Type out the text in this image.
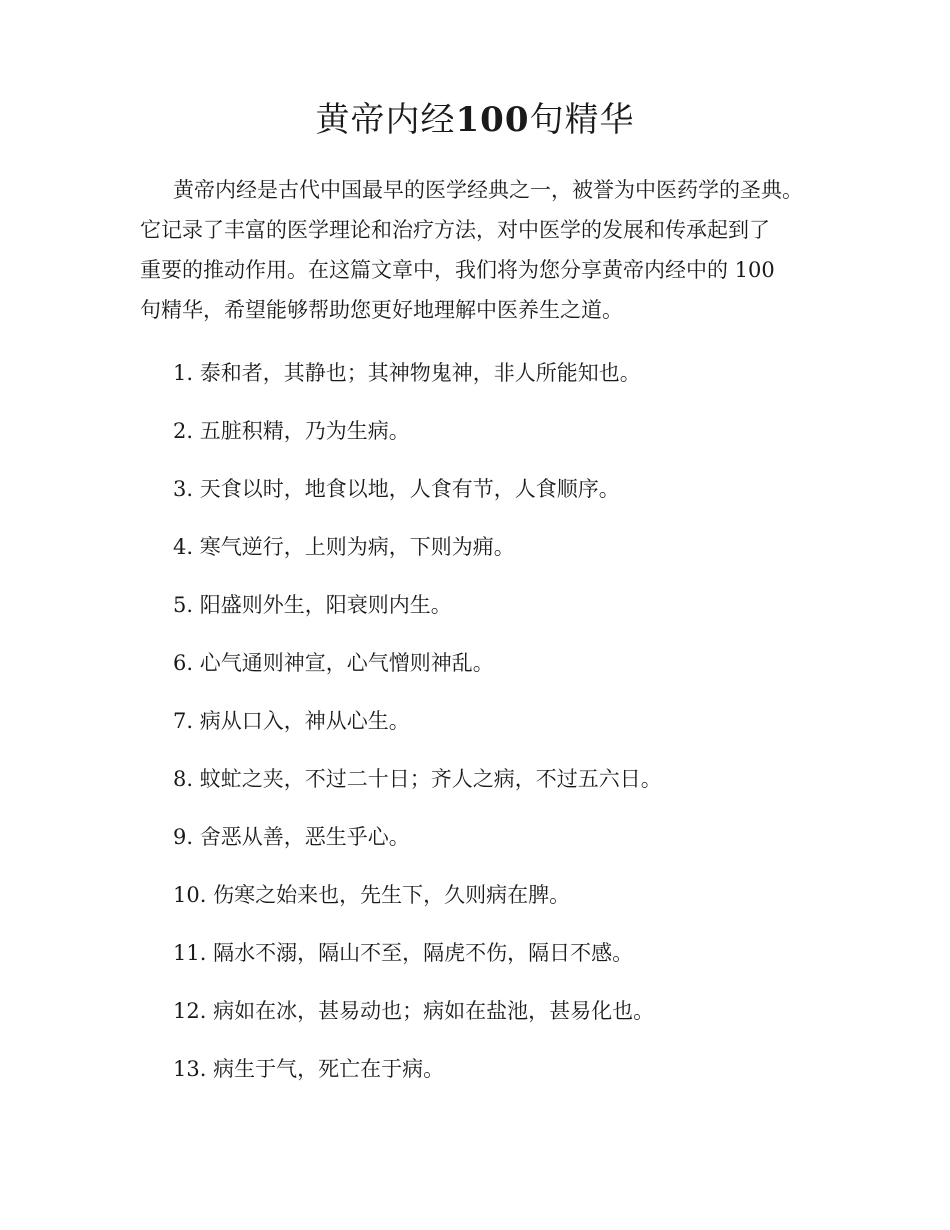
黄帝内经100句精华
黄帝内经是古代中国最早的医学经典之一，被誉为中医药学的圣典。
它记录了丰富的医学理论和治疗方法，对中医学的发展和传承起到了
重要的推动作用。在这篇文章中，我们将为您分享黄帝内经中的 100
句精华，希望能够帮助您更好地理解中医养生之道。
1. 泰和者，其静也；其神物鬼神，非人所能知也。
2. 五脏积精，乃为生病。
3. 天食以时，地食以地，人食有节，人食顺序。
4. 寒气逆行，上则为病，下则为痈。
5. 阳盛则外生，阳衰则内生。
6. 心气通则神宣，心气憎则神乱。
7. 病从口入，神从心生。
8. 蚊虻之夹，不过二十日；齐人之病，不过五六日。
9. 舍恶从善，恶生乎心。
10. 伤寒之始来也，先生下，久则病在脾。
11. 隔水不溺，隔山不至，隔虎不伤，隔日不感。
12. 病如在冰，甚易动也；病如在盐池，甚易化也。
13. 病生于气，死亡在于病。
